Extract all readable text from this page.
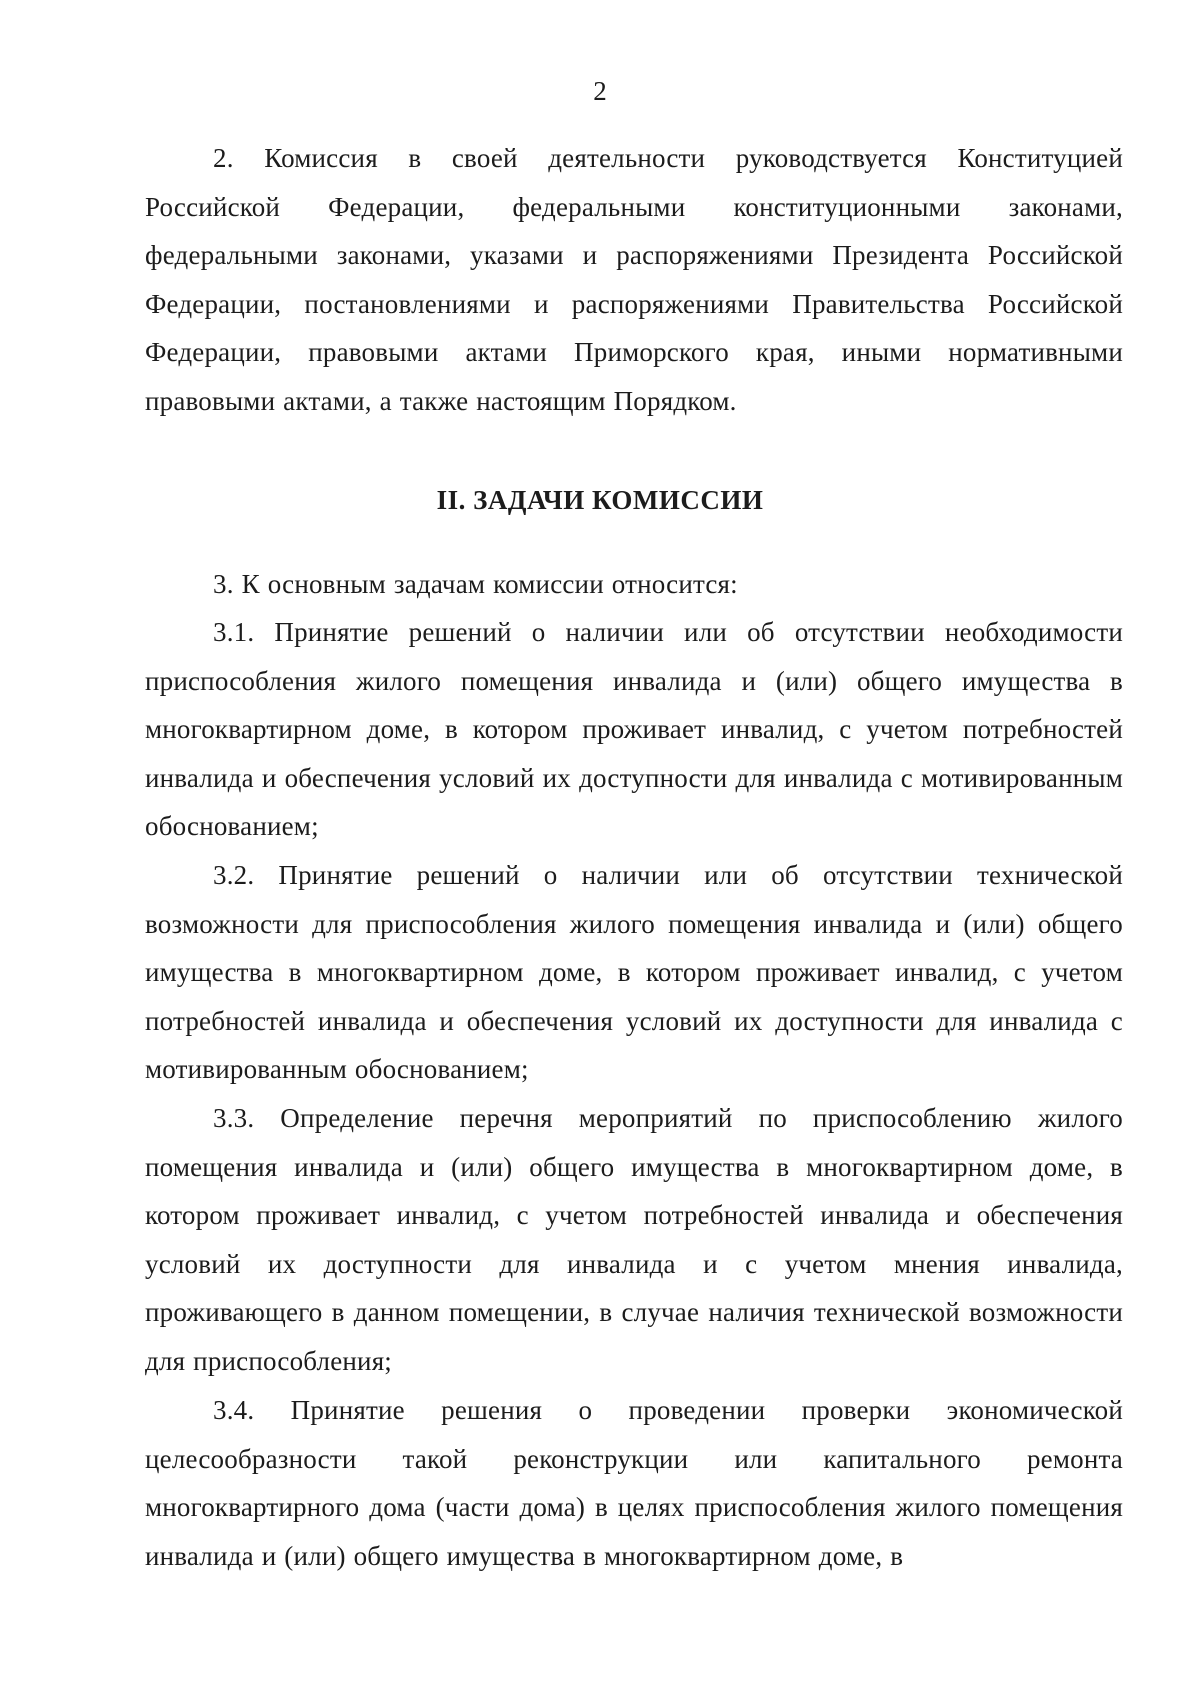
2

2. Комиссия в своей деятельности руководствуется Конституцией Российской Федерации, федеральными конституционными законами, федеральными законами, указами и распоряжениями Президента Российской Федерации, постановлениями и распоряжениями Правительства Российской Федерации, правовыми актами Приморского края, иными нормативными правовыми актами, а также настоящим Порядком.

II. ЗАДАЧИ КОМИССИИ

3. К основным задачам комиссии относится:

3.1. Принятие решений о наличии или об отсутствии необходимости приспособления жилого помещения инвалида и (или) общего имущества в многоквартирном доме, в котором проживает инвалид, с учетом потребностей инвалида и обеспечения условий их доступности для инвалида с мотивированным обоснованием;

3.2. Принятие решений о наличии или об отсутствии технической возможности для приспособления жилого помещения инвалида и (или) общего имущества в многоквартирном доме, в котором проживает инвалид, с учетом потребностей инвалида и обеспечения условий их доступности для инвалида с мотивированным обоснованием;

3.3. Определение перечня мероприятий по приспособлению жилого помещения инвалида и (или) общего имущества в многоквартирном доме, в котором проживает инвалид, с учетом потребностей инвалида и обеспечения условий их доступности для инвалида и с учетом мнения инвалида, проживающего в данном помещении, в случае наличия технической возможности для приспособления;

3.4. Принятие решения о проведении проверки экономической целесообразности такой реконструкции или капитального ремонта многоквартирного дома (части дома) в целях приспособления жилого помещения инвалида и (или) общего имущества в многоквартирном доме, в
